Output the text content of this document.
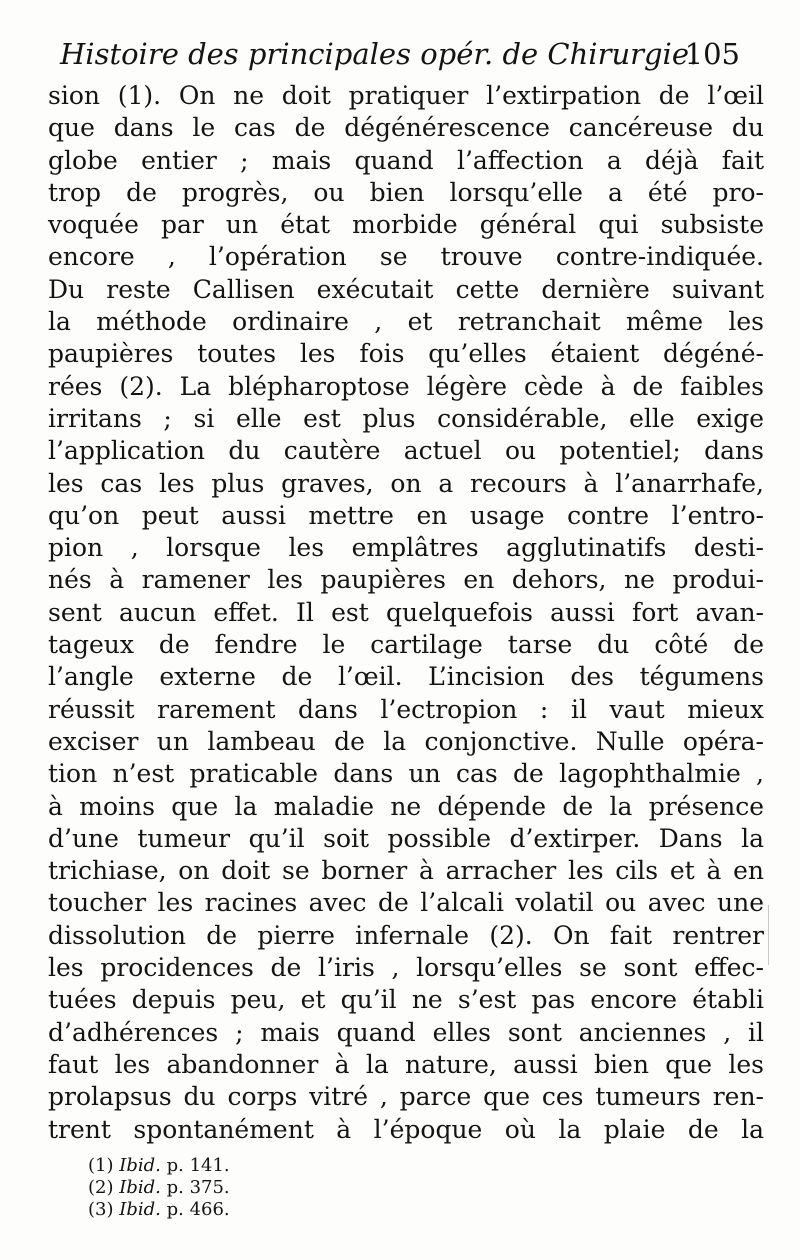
Histoire des principales opér. de Chirurgie.
105
sion (1). On ne doit pratiquer l’extirpation de l’œil
que dans le cas de dégénérescence cancéreuse du
globe entier ; mais quand l’affection a déjà fait
trop de progrès, ou bien lorsqu’elle a été pro-
voquée par un état morbide général qui subsiste
encore , l’opération se trouve contre-indiquée.
Du reste Callisen exécutait cette dernière suivant
la méthode ordinaire , et retranchait même les
paupières toutes les fois qu’elles étaient dégéné-
rées (2). La blépharoptose légère cède à de faibles
irritans ; si elle est plus considérable, elle exige
l’application du cautère actuel ou potentiel; dans
les cas les plus graves, on a recours à l’anarrhafe,
qu’on peut aussi mettre en usage contre l’entro-
pion , lorsque les emplâtres agglutinatifs desti-
nés à ramener les paupières en dehors, ne produi-
sent aucun effet. Il est quelquefois aussi fort avan-
tageux de fendre le cartilage tarse du côté de
l’angle externe de l’œil. L’incision des tégumens
réussit rarement dans l’ectropion : il vaut mieux
exciser un lambeau de la conjonctive. Nulle opéra-
tion n’est praticable dans un cas de lagophthalmie ,
à moins que la maladie ne dépende de la présence
d’une tumeur qu’il soit possible d’extirper. Dans la
trichiase, on doit se borner à arracher les cils et à en
toucher les racines avec de l’alcali volatil ou avec une
dissolution de pierre infernale (2). On fait rentrer
les procidences de l’iris , lorsqu’elles se sont effec-
tuées depuis peu, et qu’il ne s’est pas encore établi
d’adhérences ; mais quand elles sont anciennes , il
faut les abandonner à la nature, aussi bien que les
prolapsus du corps vitré , parce que ces tumeurs ren-
trent spontanément à l’époque où la plaie de la
(1) Ibid. p. 141.
(2) Ibid. p. 375.
(3) Ibid. p. 466.
